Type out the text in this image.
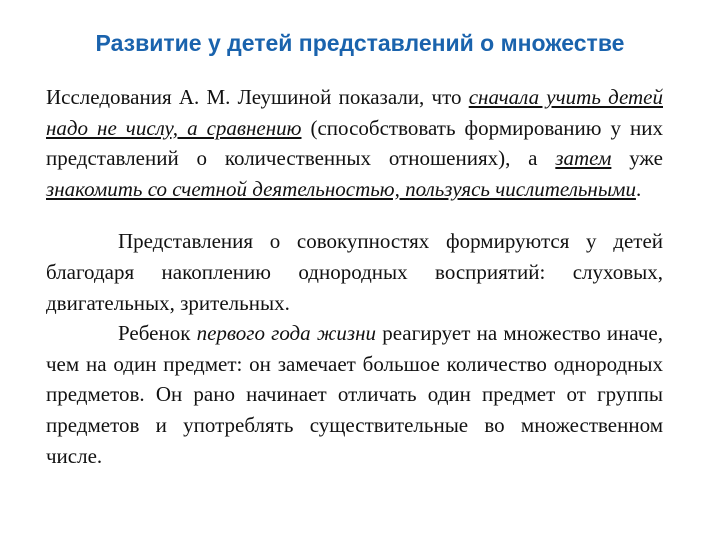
Развитие у детей представлений о множестве

Исследования А. М. Леушиной показали, что сначала учить детей надо не числу, а сравнению (способствовать формированию у них представлений о количественных отношениях), а затем уже знакомить со счетной деятельностью, пользуясь числительными.

Представления о совокупностях формируются у детей благодаря накоплению однородных восприятий: слуховых, двигательных, зрительных.

Ребенок первого года жизни реагирует на множество иначе, чем на один предмет: он замечает большое количество однородных предметов. Он рано начинает отличать один предмет от группы предметов и употреблять существительные во множественном числе.
